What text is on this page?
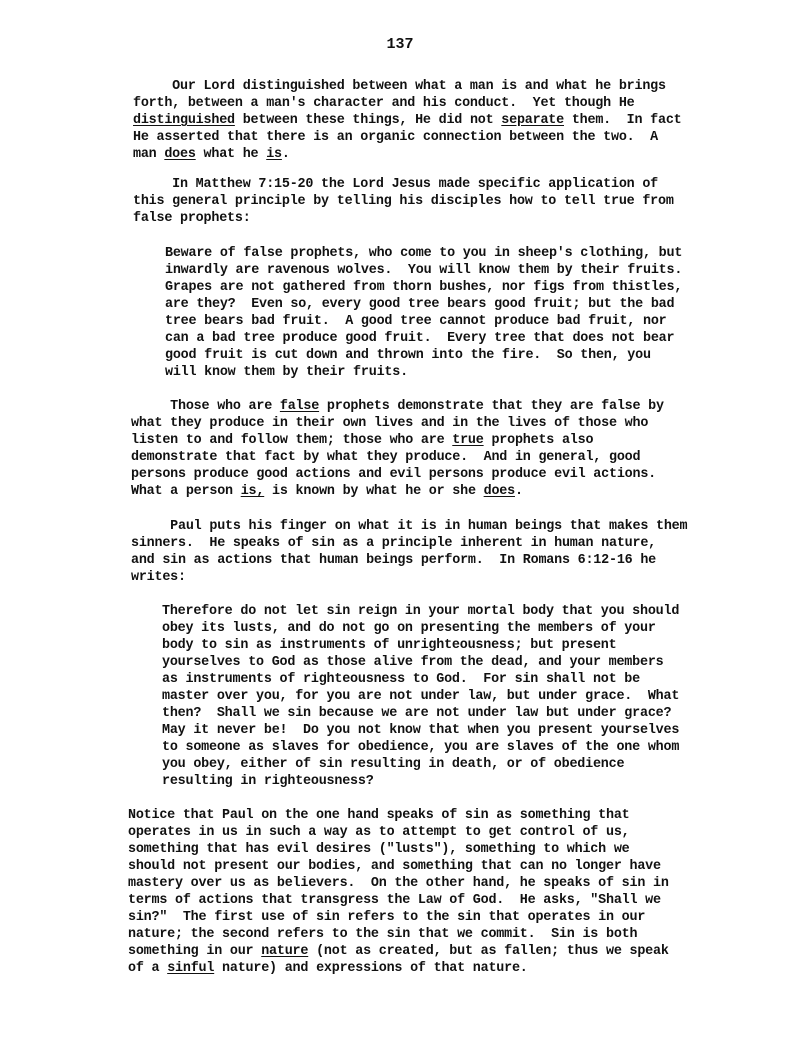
137
Our Lord distinguished between what a man is and what he brings
forth, between a man's character and his conduct.  Yet though He
distinguished between these things, He did not separate them.  In fact
He asserted that there is an organic connection between the two.  A
man does what he is.
In Matthew 7:15-20 the Lord Jesus made specific application of
this general principle by telling his disciples how to tell true from
false prophets:
Beware of false prophets, who come to you in sheep's clothing, but
inwardly are ravenous wolves.  You will know them by their fruits.
Grapes are not gathered from thorn bushes, nor figs from thistles,
are they?  Even so, every good tree bears good fruit; but the bad
tree bears bad fruit.  A good tree cannot produce bad fruit, nor
can a bad tree produce good fruit.  Every tree that does not bear
good fruit is cut down and thrown into the fire.  So then, you
will know them by their fruits.
Those who are false prophets demonstrate that they are false by
what they produce in their own lives and in the lives of those who
listen to and follow them; those who are true prophets also
demonstrate that fact by what they produce.  And in general, good
persons produce good actions and evil persons produce evil actions.
What a person is, is known by what he or she does.
Paul puts his finger on what it is in human beings that makes them
sinners.  He speaks of sin as a principle inherent in human nature,
and sin as actions that human beings perform.  In Romans 6:12-16 he
writes:
Therefore do not let sin reign in your mortal body that you should
obey its lusts, and do not go on presenting the members of your
body to sin as instruments of unrighteousness; but present
yourselves to God as those alive from the dead, and your members
as instruments of righteousness to God.  For sin shall not be
master over you, for you are not under law, but under grace.  What
then?  Shall we sin because we are not under law but under grace?
May it never be!  Do you not know that when you present yourselves
to someone as slaves for obedience, you are slaves of the one whom
you obey, either of sin resulting in death, or of obedience
resulting in righteousness?
Notice that Paul on the one hand speaks of sin as something that
operates in us in such a way as to attempt to get control of us,
something that has evil desires ("lusts"), something to which we
should not present our bodies, and something that can no longer have
mastery over us as believers.  On the other hand, he speaks of sin in
terms of actions that transgress the Law of God.  He asks, "Shall we
sin?"  The first use of sin refers to the sin that operates in our
nature; the second refers to the sin that we commit.  Sin is both
something in our nature (not as created, but as fallen; thus we speak
of a sinful nature) and expressions of that nature.
